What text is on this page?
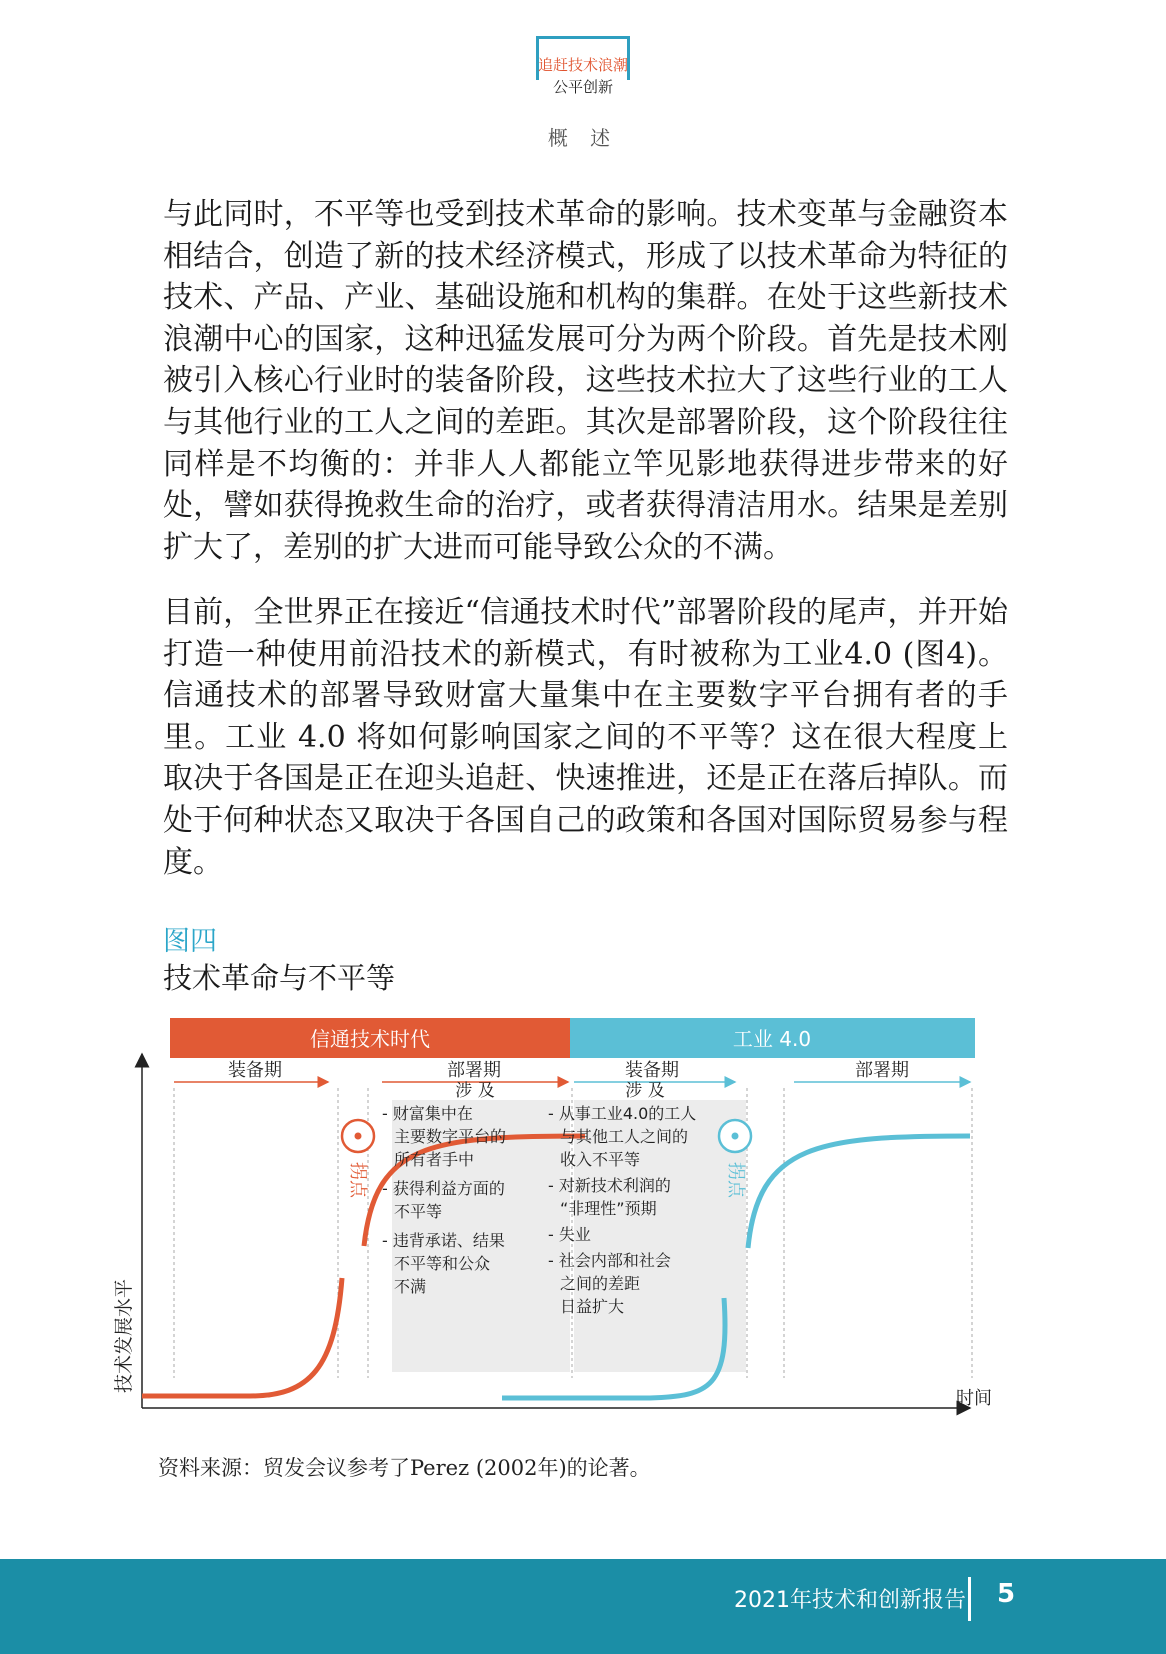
追赶技术浪潮
公平创新
概 述

与此同时，不平等也受到技术革命的影响。技术变革与金融资本相结合，创造了新的技术经济模式，形成了以技术革命为特征的技术、产品、产业、基础设施和机构的集群。在处于这些新技术浪潮中心的国家，这种迅猛发展可分为两个阶段。首先是技术刚被引入核心行业时的装备阶段，这些技术拉大了这些行业的工人与其他行业的工人之间的差距。其次是部署阶段，这个阶段往往同样是不均衡的：并非人人都能立竿见影地获得进步带来的好处，譬如获得挽救生命的治疗，或者获得清洁用水。结果是差别扩大了，差别的扩大进而可能导致公众的不满。

目前，全世界正在接近“信通技术时代”部署阶段的尾声，并开始打造一种使用前沿技术的新模式，有时被称为工业4.0 (图4)。信通技术的部署导致财富大量集中在主要数字平台拥有者的手里。工业 4.0 将如何影响国家之间的不平等？这在很大程度上取决于各国是正在迎头追赶、快速推进，还是正在落后掉队。而处于何种状态又取决于各国自己的政策和各国对国际贸易参与程度。

图四
技术革命与不平等
信通技术时代	工业 4.0
装备期	部署期	装备期	部署期
技术发展水平
时间
拐点	拐点
涉 及
- 财富集中在
主要数字平台的
所有者手中
- 获得利益方面的
不平等
- 违背承诺、结果
不平等和公众
不满
涉 及
- 从事工业4.0的工人
与其他工人之间的
收入不平等
- 对新技术利润的
“非理性”预期
- 失业
- 社会内部和社会
之间的差距
日益扩大
资料来源：贸发会议参考了Perez (2002年)的论著。
2021年技术和创新报告 5
